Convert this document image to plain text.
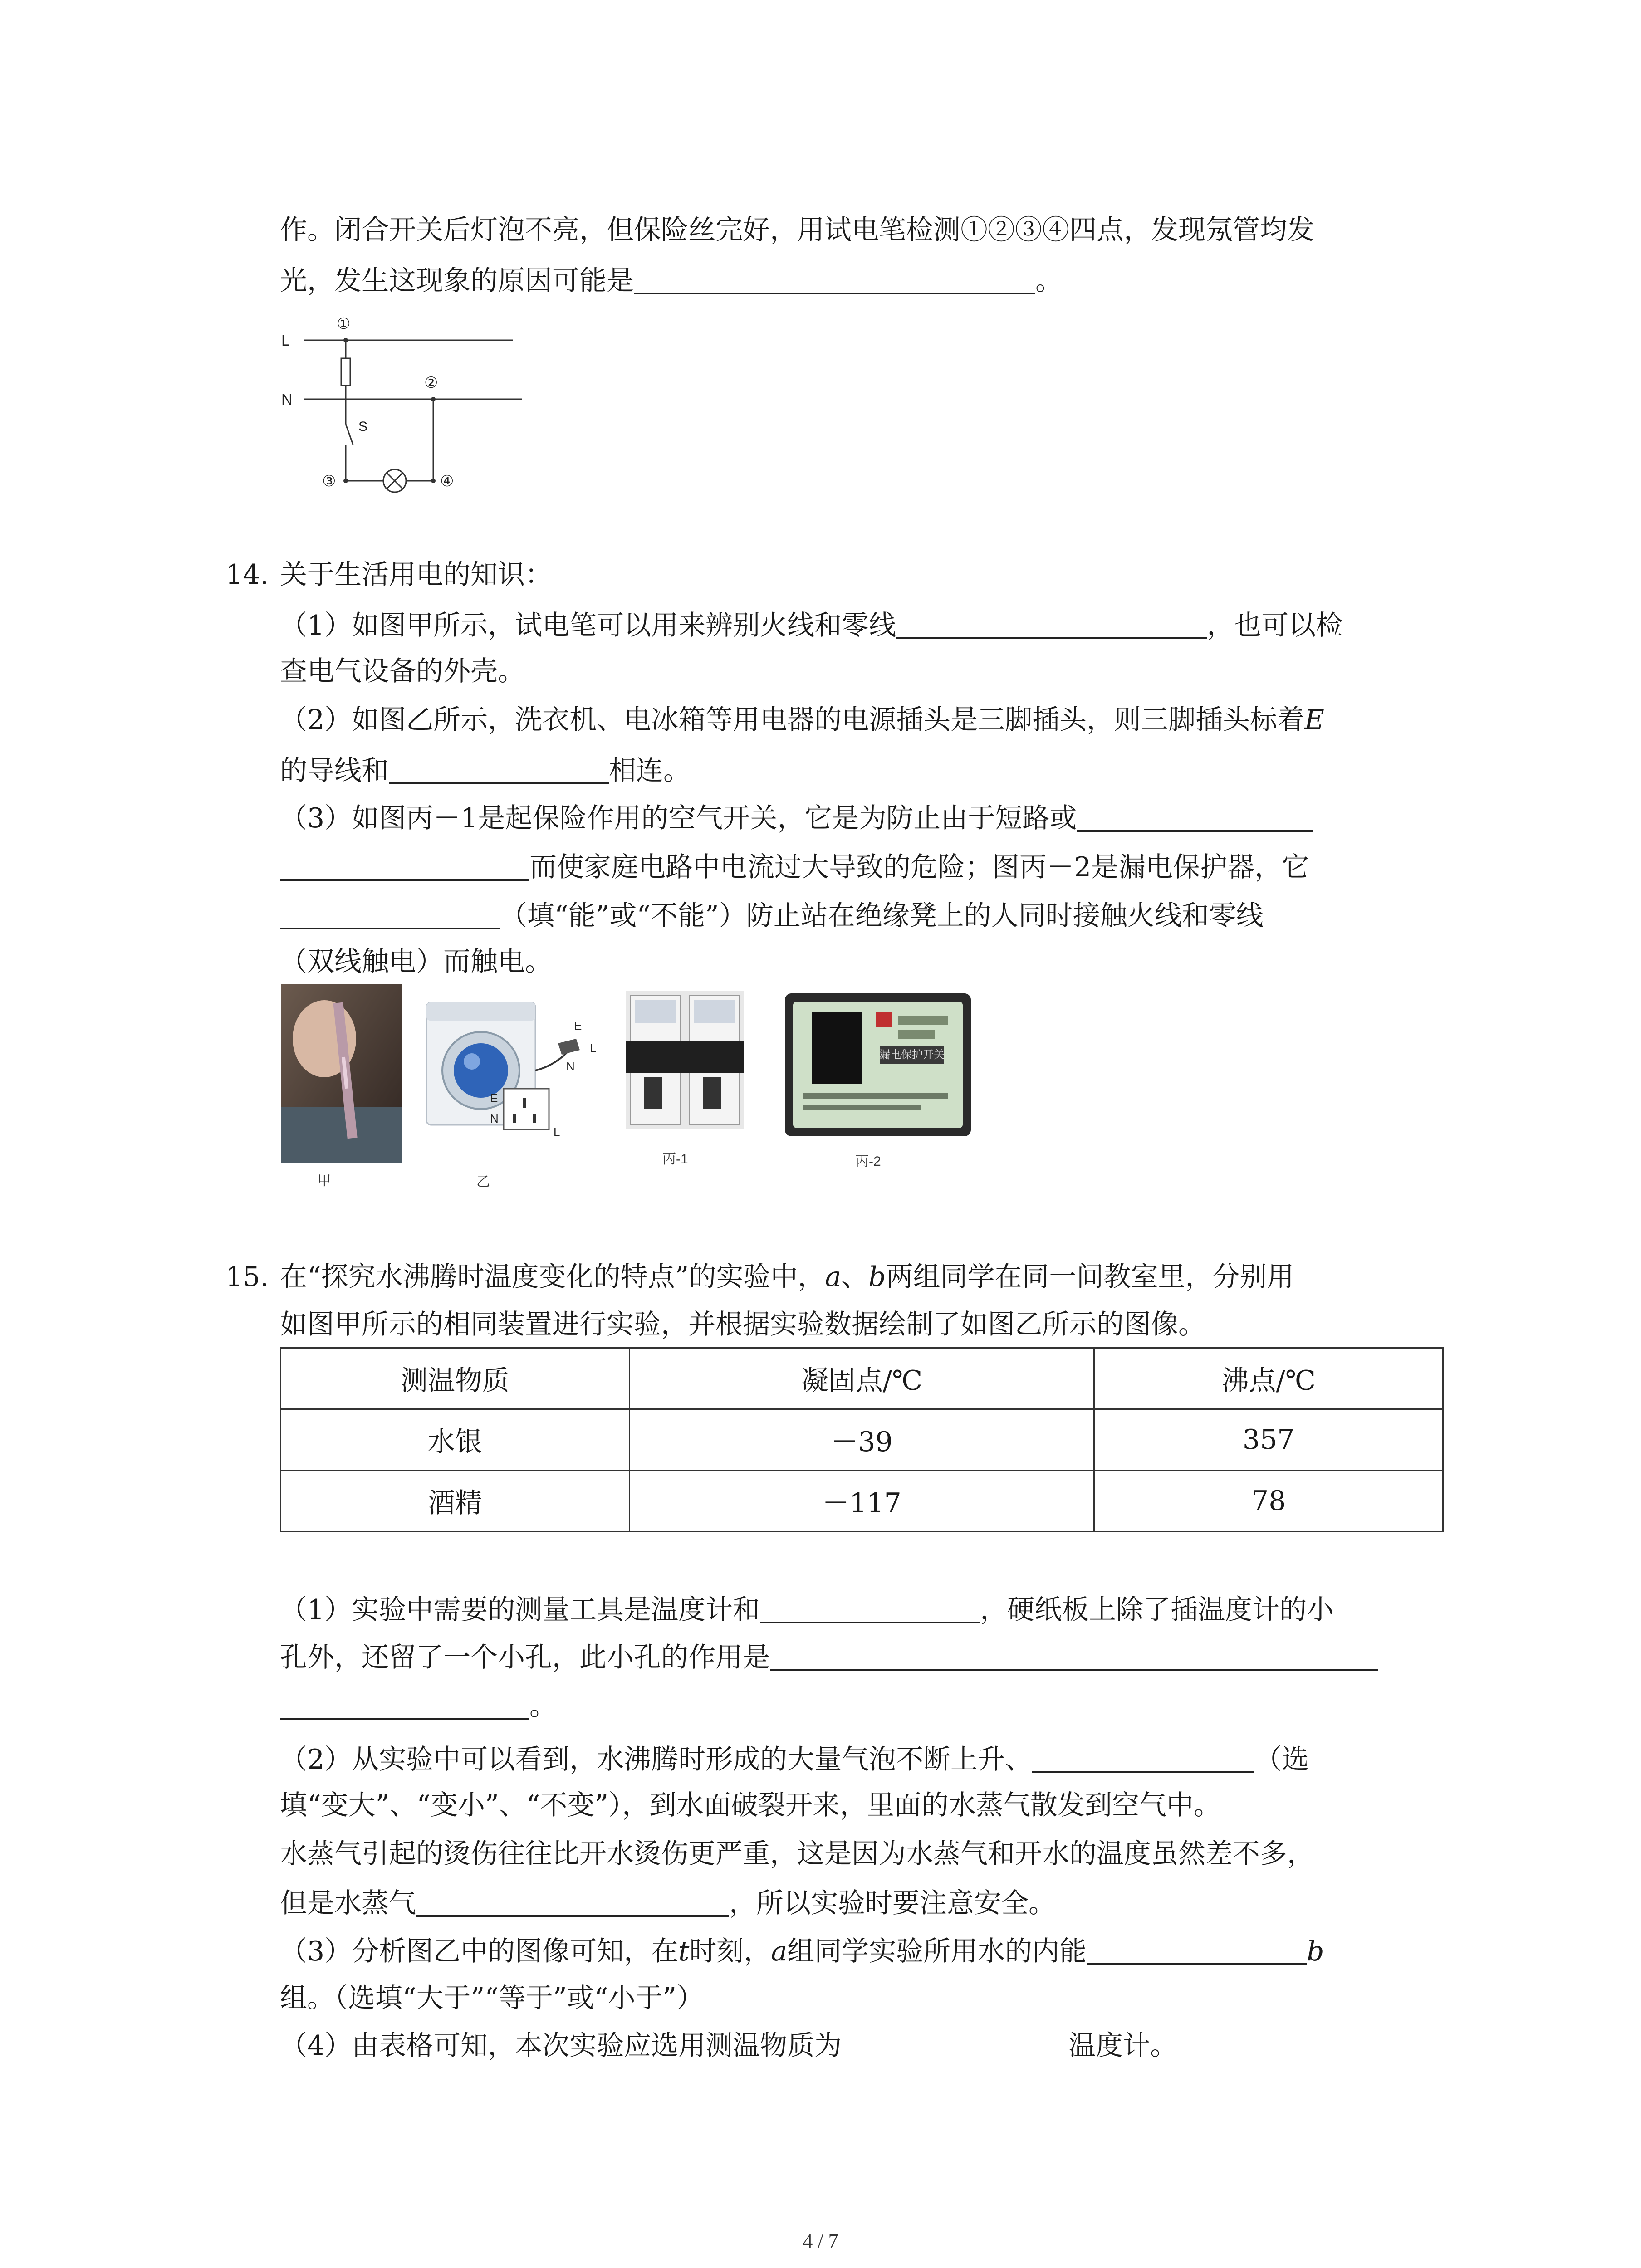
作。闭合开关后灯泡不亮，但保险丝完好，用试电笔检测①②③④四点，发现氖管均发
光，发生这现象的原因可能是	。
L
N
①
②
③	④
S
14. 关于生活用电的知识：
（1）如图甲所示，试电笔可以用来辨别火线和零线	，也可以检
查电气设备的外壳。
（2）如图乙所示，洗衣机、电冰箱等用电器的电源插头是三脚插头，则三脚插头标着E
的导线和	相连。
（3）如图丙－1是起保险作用的空气开关，它是为防止由于短路或
而使家庭电路中电流过大导致的危险；图丙－2是漏电保护器，它
（填“能”或“不能”）防止站在绝缘凳上的人同时接触火线和零线
（双线触电）而触电。
甲
E
L
N
E
N
L
乙
丙-1
漏电保护开关
丙-2
15. 在“探究水沸腾时温度变化的特点”的实验中，a、b两组同学在同一间教室里，分别用
如图甲所示的相同装置进行实验，并根据实验数据绘制了如图乙所示的图像。
测温物质	凝固点/℃	沸点/℃
水银	－39	357
酒精	－117	78
（1）实验中需要的测量工具是温度计和	，硬纸板上除了插温度计的小
孔外，还留了一个小孔，此小孔的作用是
。
（2）从实验中可以看到，水沸腾时形成的大量气泡不断上升、	（选
填“变大”、“变小”、“不变”），到水面破裂开来，里面的水蒸气散发到空气中。
水蒸气引起的烫伤往往比开水烫伤更严重，这是因为水蒸气和开水的温度虽然差不多，
但是水蒸气	，所以实验时要注意安全。
（3）分析图乙中的图像可知，在t时刻，a组同学实验所用水的内能	b
组。（选填“大于”“等于”或“小于”）
（4）由表格可知，本次实验应选用测温物质为	温度计。
4 / 7
